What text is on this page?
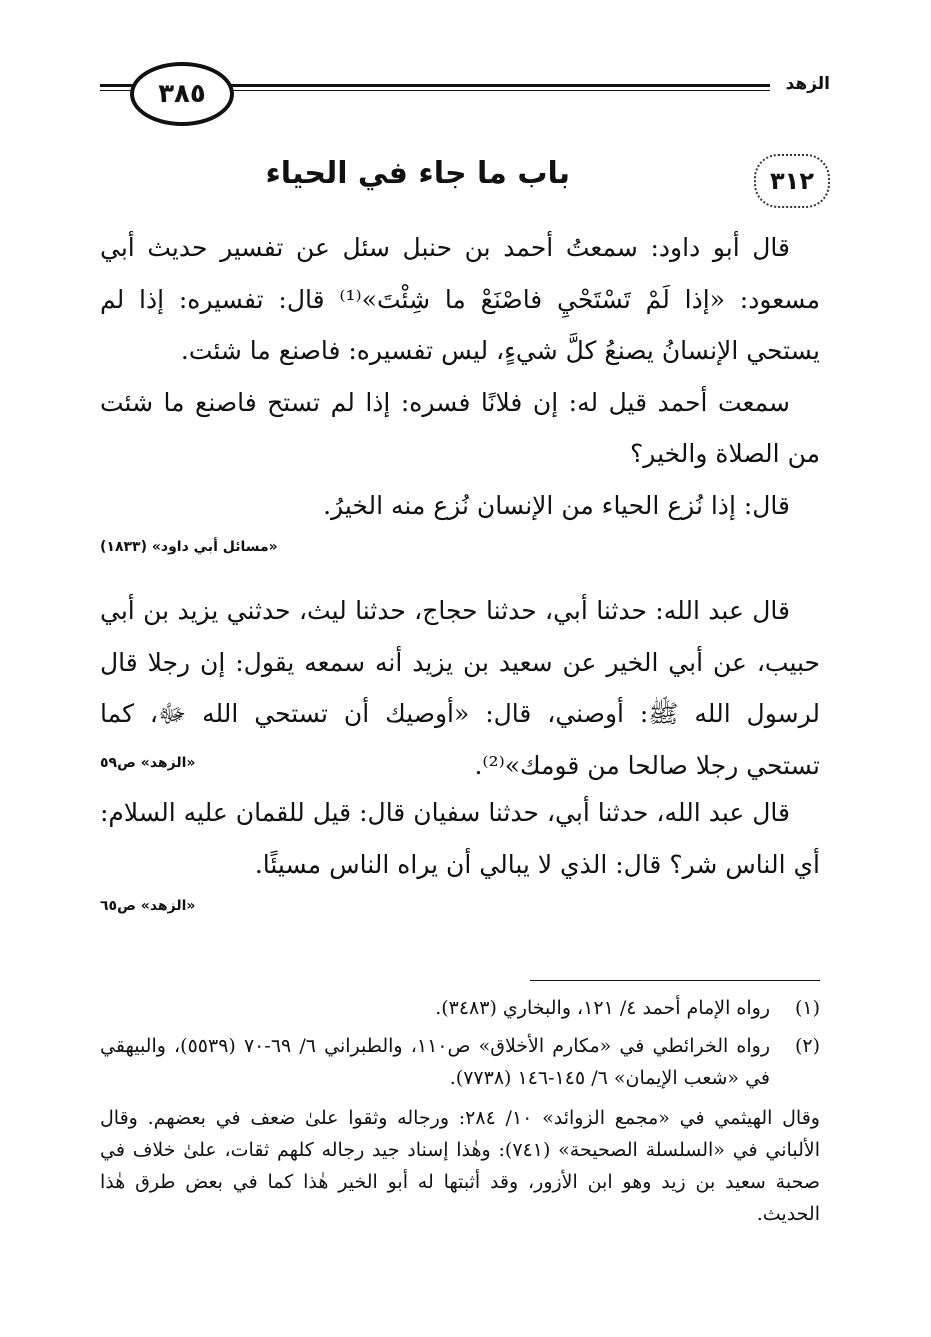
٣٨٥	الزهد
٣١٢
باب ما جاء في الحياء

قال أبو داود: سمعتُ أحمد بن حنبل سئل عن تفسير حديث أبي مسعود: «إذا لَمْ تَسْتَحْيِ فاصْنَعْ ما شِئْتَ»⁽¹⁾ قال: تفسيره: إذا لم يستحي الإنسانُ يصنعُ كلَّ شيءٍ، ليس تفسيره: فاصنع ما شئت.

سمعت أحمد قيل له: إن فلانًا فسره: إذا لم تستح فاصنع ما شئت من الصلاة والخير؟

قال: إذا نُزع الحياء من الإنسان نُزع منه الخيرُ.

«مسائل أبي داود» (١٨٣٣)

قال عبد الله: حدثنا أبي، حدثنا حجاج، حدثنا ليث، حدثني يزيد بن أبي حبيب، عن أبي الخير عن سعيد بن يزيد أنه سمعه يقول: إن رجلا قال لرسول الله ﷺ: أوصني، قال: «أوصيك أن تستحي الله ﷻ، كما تستحي رجلا صالحا من قومك»⁽²⁾.

«الزهد» ص٥٩

قال عبد الله، حدثنا أبي، حدثنا سفيان قال: قيل للقمان عليه السلام: أي الناس شر؟ قال: الذي لا يبالي أن يراه الناس مسيئًا.

«الزهد» ص٦٥
(١)
رواه الإمام أحمد ٤/ ١٢١، والبخاري (٣٤٨٣).
(٢)
رواه الخرائطي في «مكارم الأخلاق» ص١١٠، والطبراني ٦/ ٦٩-٧٠ (٥٥٣٩)، والبيهقي في «شعب الإيمان» ٦/ ١٤٥-١٤٦ (٧٧٣٨).

وقال الهيثمي في «مجمع الزوائد» ١٠/ ٢٨٤: ورجاله وثقوا علىٰ ضعف في بعضهم. وقال الألباني في «السلسلة الصحيحة» (٧٤١): وهٰذا إسناد جيد رجاله كلهم ثقات، علىٰ خلاف في صحبة سعيد بن زيد وهو ابن الأزور، وقد أثبتها له أبو الخير هٰذا كما في بعض طرق هٰذا الحديث.
